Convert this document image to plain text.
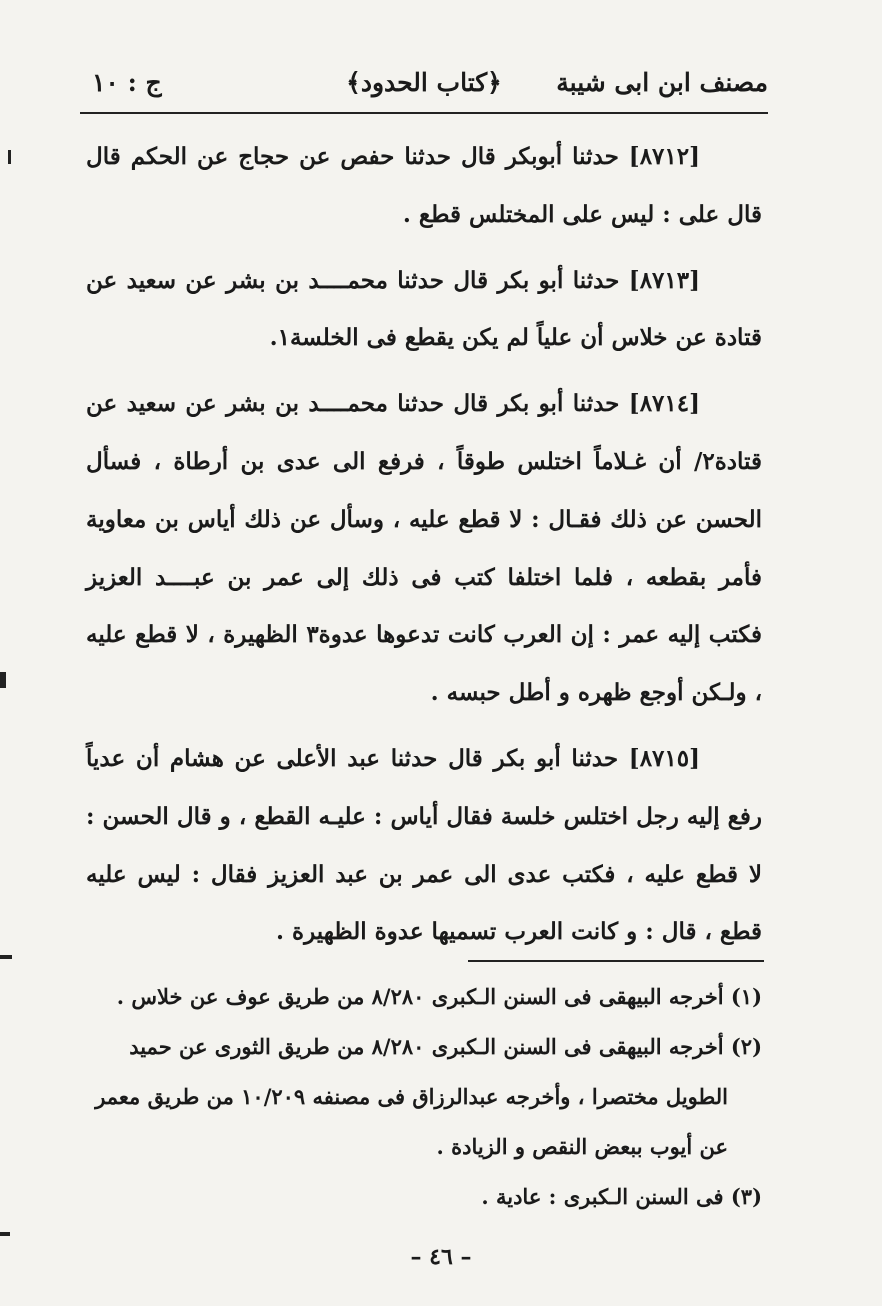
مصنف ابن ابى شيبة
﴿كتاب الحدود﴾
ج : ١٠

[٨٧١٢] حدثنا أبوبكر قال حدثنا حفص عن حجاج عن الحكم قال قال على : ليس على المختلس قطع .

[٨٧١٣] حدثنا أبو بكر قال حدثنا محمــــد بن بشر عن سعيد عن قتادة عن خلاس أن علياً لم يكن يقطع فى الخلسة١.

[٨٧١٤] حدثنا أبو بكر قال حدثنا محمــــد بن بشر عن سعيد عن قتادة٢/ أن غـلاماً اختلس طوقاً ، فرفع الى عدى بن أرطاة ، فسأل الحسن عن ذلك فقـال : لا قطع عليه ، وسأل عن ذلك أياس بن معاوية فأمر بقطعه ، فلما اختلفا كتب فى ذلك إلى عمر بن عبــــد العزيز فكتب إليه عمر : إن العرب كانت تدعوها عدوة٣ الظهيرة ، لا قطع عليه ، ولـكن أوجع ظهره و أطل حبسه .

[٨٧١٥] حدثنا أبو بكر قال حدثنا عبد الأعلى عن هشام أن عدياً رفع إليه رجل اختلس خلسة فقال أياس : عليـه القطع ، و قال الحسن : لا قطع عليه ، فكتب عدى الى عمر بن عبد العزيز فقال : ليس عليه قطع ، قال : و كانت العرب تسميها عدوة الظهيرة .

(١) أخرجه البيهقى فى السنن الـكبرى ٨/٢٨٠ من طريق عوف عن خلاس .

(٢) أخرجه البيهقى فى السنن الـكبرى ٨/٢٨٠ من طريق الثورى عن حميد الطويل مختصرا ، وأخرجه عبدالرزاق فى مصنفه ١٠/٢٠٩ من طريق معمر عن أيوب ببعض النقص و الزيادة .

(٣) فى السنن الـكبرى : عادية .

– ٤٦ –
